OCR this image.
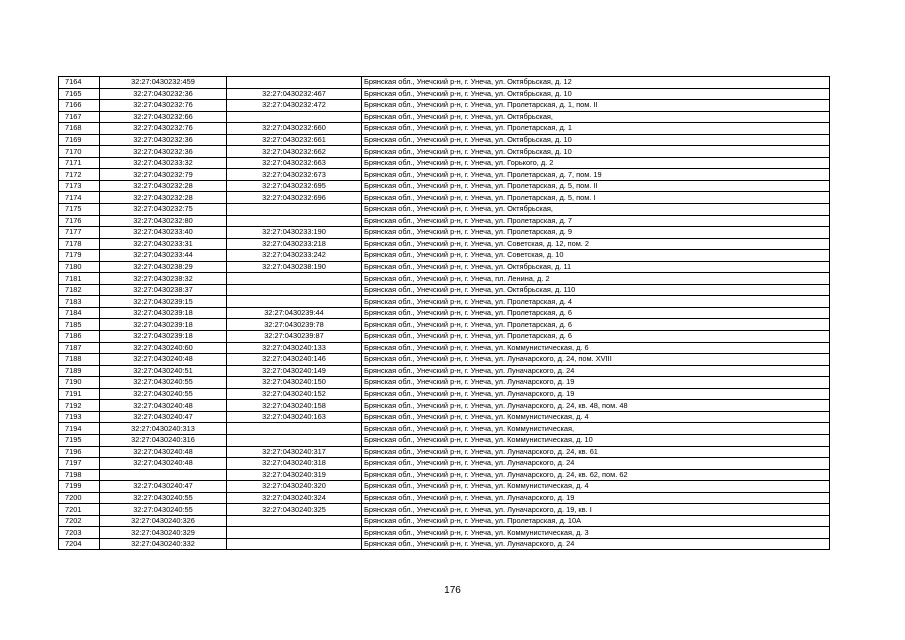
7164	32:27:0430232:459		Брянская обл., Унечский р-н, г. Унеча, ул. Октябрьская, д. 12
7165	32:27:0430232:36	32:27:0430232:467	Брянская обл., Унечский р-н, г. Унеча, ул. Октябрьская, д. 10
7166	32:27:0430232:76	32:27:0430232:472	Брянская обл., Унечский р-н, г. Унеча, ул. Пролетарская, д. 1, пом. II
7167	32:27:0430232:66		Брянская обл., Унечский р-н, г. Унеча, ул. Октябрьская,
7168	32:27:0430232:76	32:27:0430232:660	Брянская обл., Унечский р-н, г. Унеча, ул. Пролетарская, д. 1
7169	32:27:0430232:36	32:27:0430232:661	Брянская обл., Унечский р-н, г. Унеча, ул. Октябрьская, д. 10
7170	32:27:0430232:36	32:27:0430232:662	Брянская обл., Унечский р-н, г. Унеча, ул. Октябрьская, д. 10
7171	32:27:0430233:32	32:27:0430232:663	Брянская обл., Унечский р-н, г. Унеча, ул. Горького, д. 2
7172	32:27:0430232:79	32:27:0430232:673	Брянская обл., Унечский р-н, г. Унеча, ул. Пролетарская, д. 7, пом. 19
7173	32:27:0430232:28	32:27:0430232:695	Брянская обл., Унечский р-н, г. Унеча, ул. Пролетарская, д. 5, пом. II
7174	32:27:0430232:28	32:27:0430232:696	Брянская обл., Унечский р-н, г. Унеча, ул. Пролетарская, д. 5, пом. I
7175	32:27:0430232:75		Брянская обл., Унечский р-н, г. Унеча, ул. Октябрьская,
7176	32:27:0430232:80		Брянская обл., Унечский р-н, г. Унеча, ул. Пролетарская, д. 7
7177	32:27:0430233:40	32:27:0430233:190	Брянская обл., Унечский р-н, г. Унеча, ул. Пролетарская, д. 9
7178	32:27:0430233:31	32:27:0430233:218	Брянская обл., Унечский р-н, г. Унеча, ул. Советская, д. 12, пом. 2
7179	32:27:0430233:44	32:27:0430233:242	Брянская обл., Унечский р-н, г. Унеча, ул. Советская, д. 10
7180	32:27:0430238:29	32:27:0430238:190	Брянская обл., Унечский р-н, г. Унеча, ул. Октябрьская, д. 11
7181	32:27:0430238:32		Брянская обл., Унечский р-н, г. Унеча, пл. Ленина, д. 2
7182	32:27:0430238:37		Брянская обл., Унечский р-н, г. Унеча, ул. Октябрьская, д. 110
7183	32:27:0430239:15		Брянская обл., Унечский р-н, г. Унеча, ул. Пролетарская, д. 4
7184	32:27:0430239:18	32:27:0430239:44	Брянская обл., Унечский р-н, г. Унеча, ул. Пролетарская, д. 6
7185	32:27:0430239:18	32:27:0430239:78	Брянская обл., Унечский р-н, г. Унеча, ул. Пролетарская, д. 6
7186	32:27:0430239:18	32:27:0430239:87	Брянская обл., Унечский р-н, г. Унеча, ул. Пролетарская, д. 6
7187	32:27:0430240:60	32:27:0430240:133	Брянская обл., Унечский р-н, г. Унеча, ул. Коммунистическая, д. 6
7188	32:27:0430240:48	32:27:0430240:146	Брянская обл., Унечский р-н, г. Унеча, ул. Луначарского, д. 24, пом. XVIII
7189	32:27:0430240:51	32:27:0430240:149	Брянская обл., Унечский р-н, г. Унеча, ул. Луначарского, д. 24
7190	32:27:0430240:55	32:27:0430240:150	Брянская обл., Унечский р-н, г. Унеча, ул. Луначарского, д. 19
7191	32:27:0430240:55	32:27:0430240:152	Брянская обл., Унечский р-н, г. Унеча, ул. Луначарского, д. 19
7192	32:27:0430240:48	32:27:0430240:158	Брянская обл., Унечский р-н, г. Унеча, ул. Луначарского, д. 24, кв. 48, пом. 48
7193	32:27:0430240:47	32:27:0430240:163	Брянская обл., Унечский р-н, г. Унеча, ул. Коммунистическая, д. 4
7194	32:27:0430240:313		Брянская обл., Унечский р-н, г. Унеча, ул. Коммунистическая,
7195	32:27:0430240:316		Брянская обл., Унечский р-н, г. Унеча, ул. Коммунистическая, д. 10
7196	32:27:0430240:48	32:27:0430240:317	Брянская обл., Унечский р-н, г. Унеча, ул. Луначарского, д. 24, кв. 61
7197	32:27:0430240:48	32:27:0430240:318	Брянская обл., Унечский р-н, г. Унеча, ул. Луначарского, д. 24
7198		32:27:0430240:319	Брянская обл., Унечский р-н, г. Унеча, ул. Луначарского, д. 24, кв. 62, пом. 62
7199	32:27:0430240:47	32:27:0430240:320	Брянская обл., Унечский р-н, г. Унеча, ул. Коммунистическая, д. 4
7200	32:27:0430240:55	32:27:0430240:324	Брянская обл., Унечский р-н, г. Унеча, ул. Луначарского, д. 19
7201	32:27:0430240:55	32:27:0430240:325	Брянская обл., Унечский р-н, г. Унеча, ул. Луначарского, д. 19, кв. I
7202	32:27:0430240:326		Брянская обл., Унечский р-н, г. Унеча, ул. Пролетарская, д. 10А
7203	32:27:0430240:329		Брянская обл., Унечский р-н, г. Унеча, ул. Коммунистическая, д. 3
7204	32:27:0430240:332		Брянская обл., Унечский р-н, г. Унеча, ул. Луначарского, д. 24
176
